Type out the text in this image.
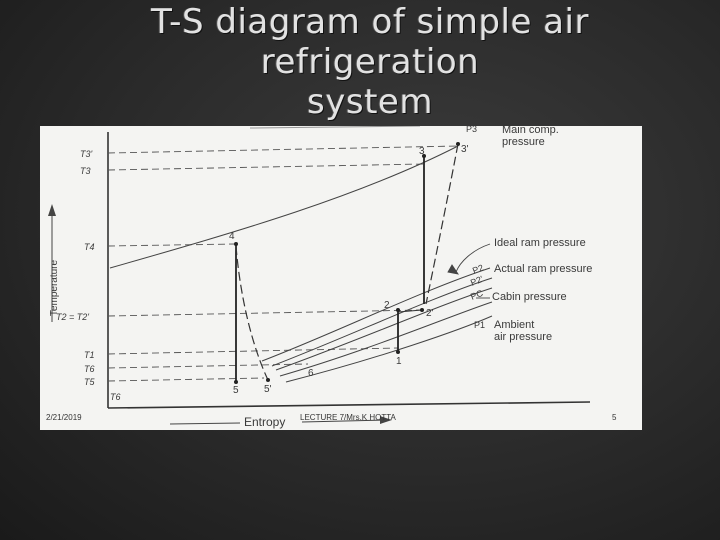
T-S diagram of simple air
refrigeration
system
Temperature
Entropy
T3'
T3
T4
T2 = T2'
T1
T6
T5
T6
3	3'
4
2
2'
1
5	5'
6
P3
P2
P2'
PC
P1
Main comp.
pressure
Ideal ram pressure
Actual ram pressure
Cabin pressure
Ambient
air pressure
2/21/2019	LECTURE 7/Mrs.K HOTTA	5
